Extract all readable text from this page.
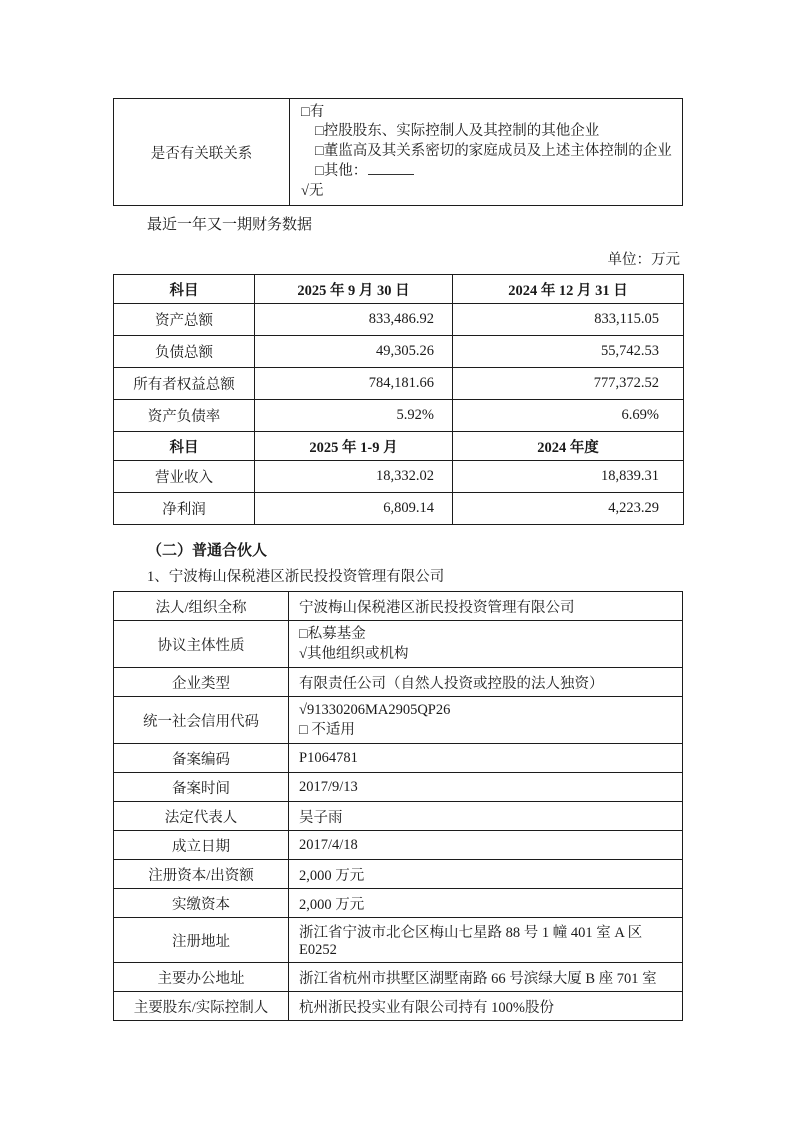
是否有关联关系	
□有
□控股股东、实际控制人及其控制的其他企业
□董监高及其关系密切的家庭成员及上述主体控制的企业
□其他：
√无
最近一年又一期财务数据
单位：万元
科目	2025 年 9 月 30 日	2024 年 12 月 31 日
资产总额	833,486.92	833,115.05
负债总额	49,305.26	55,742.53
所有者权益总额	784,181.66	777,372.52
资产负债率	5.92%	6.69%
科目	2025 年 1-9 月	2024 年度
营业收入	18,332.02	18,839.31
净利润	6,809.14	4,223.29
（二）普通合伙人
1、宁波梅山保税港区浙民投投资管理有限公司
法人/组织全称	宁波梅山保税港区浙民投投资管理有限公司
协议主体性质	□私募基金
√其他组织或机构

企业类型	有限责任公司（自然人投资或控股的法人独资）
统一社会信用代码	√91330206MA2905QP26
□ 不适用

备案编码	P1064781
备案时间	2017/9/13
法定代表人	吴子雨
成立日期	2017/4/18
注册资本/出资额	2,000 万元
实缴资本	2,000 万元
注册地址	浙江省宁波市北仑区梅山七星路 88 号 1 幢 401 室 A 区 E0252
主要办公地址	浙江省杭州市拱墅区湖墅南路 66 号滨绿大厦 B 座 701 室
主要股东/实际控制人	杭州浙民投实业有限公司持有 100%股份
